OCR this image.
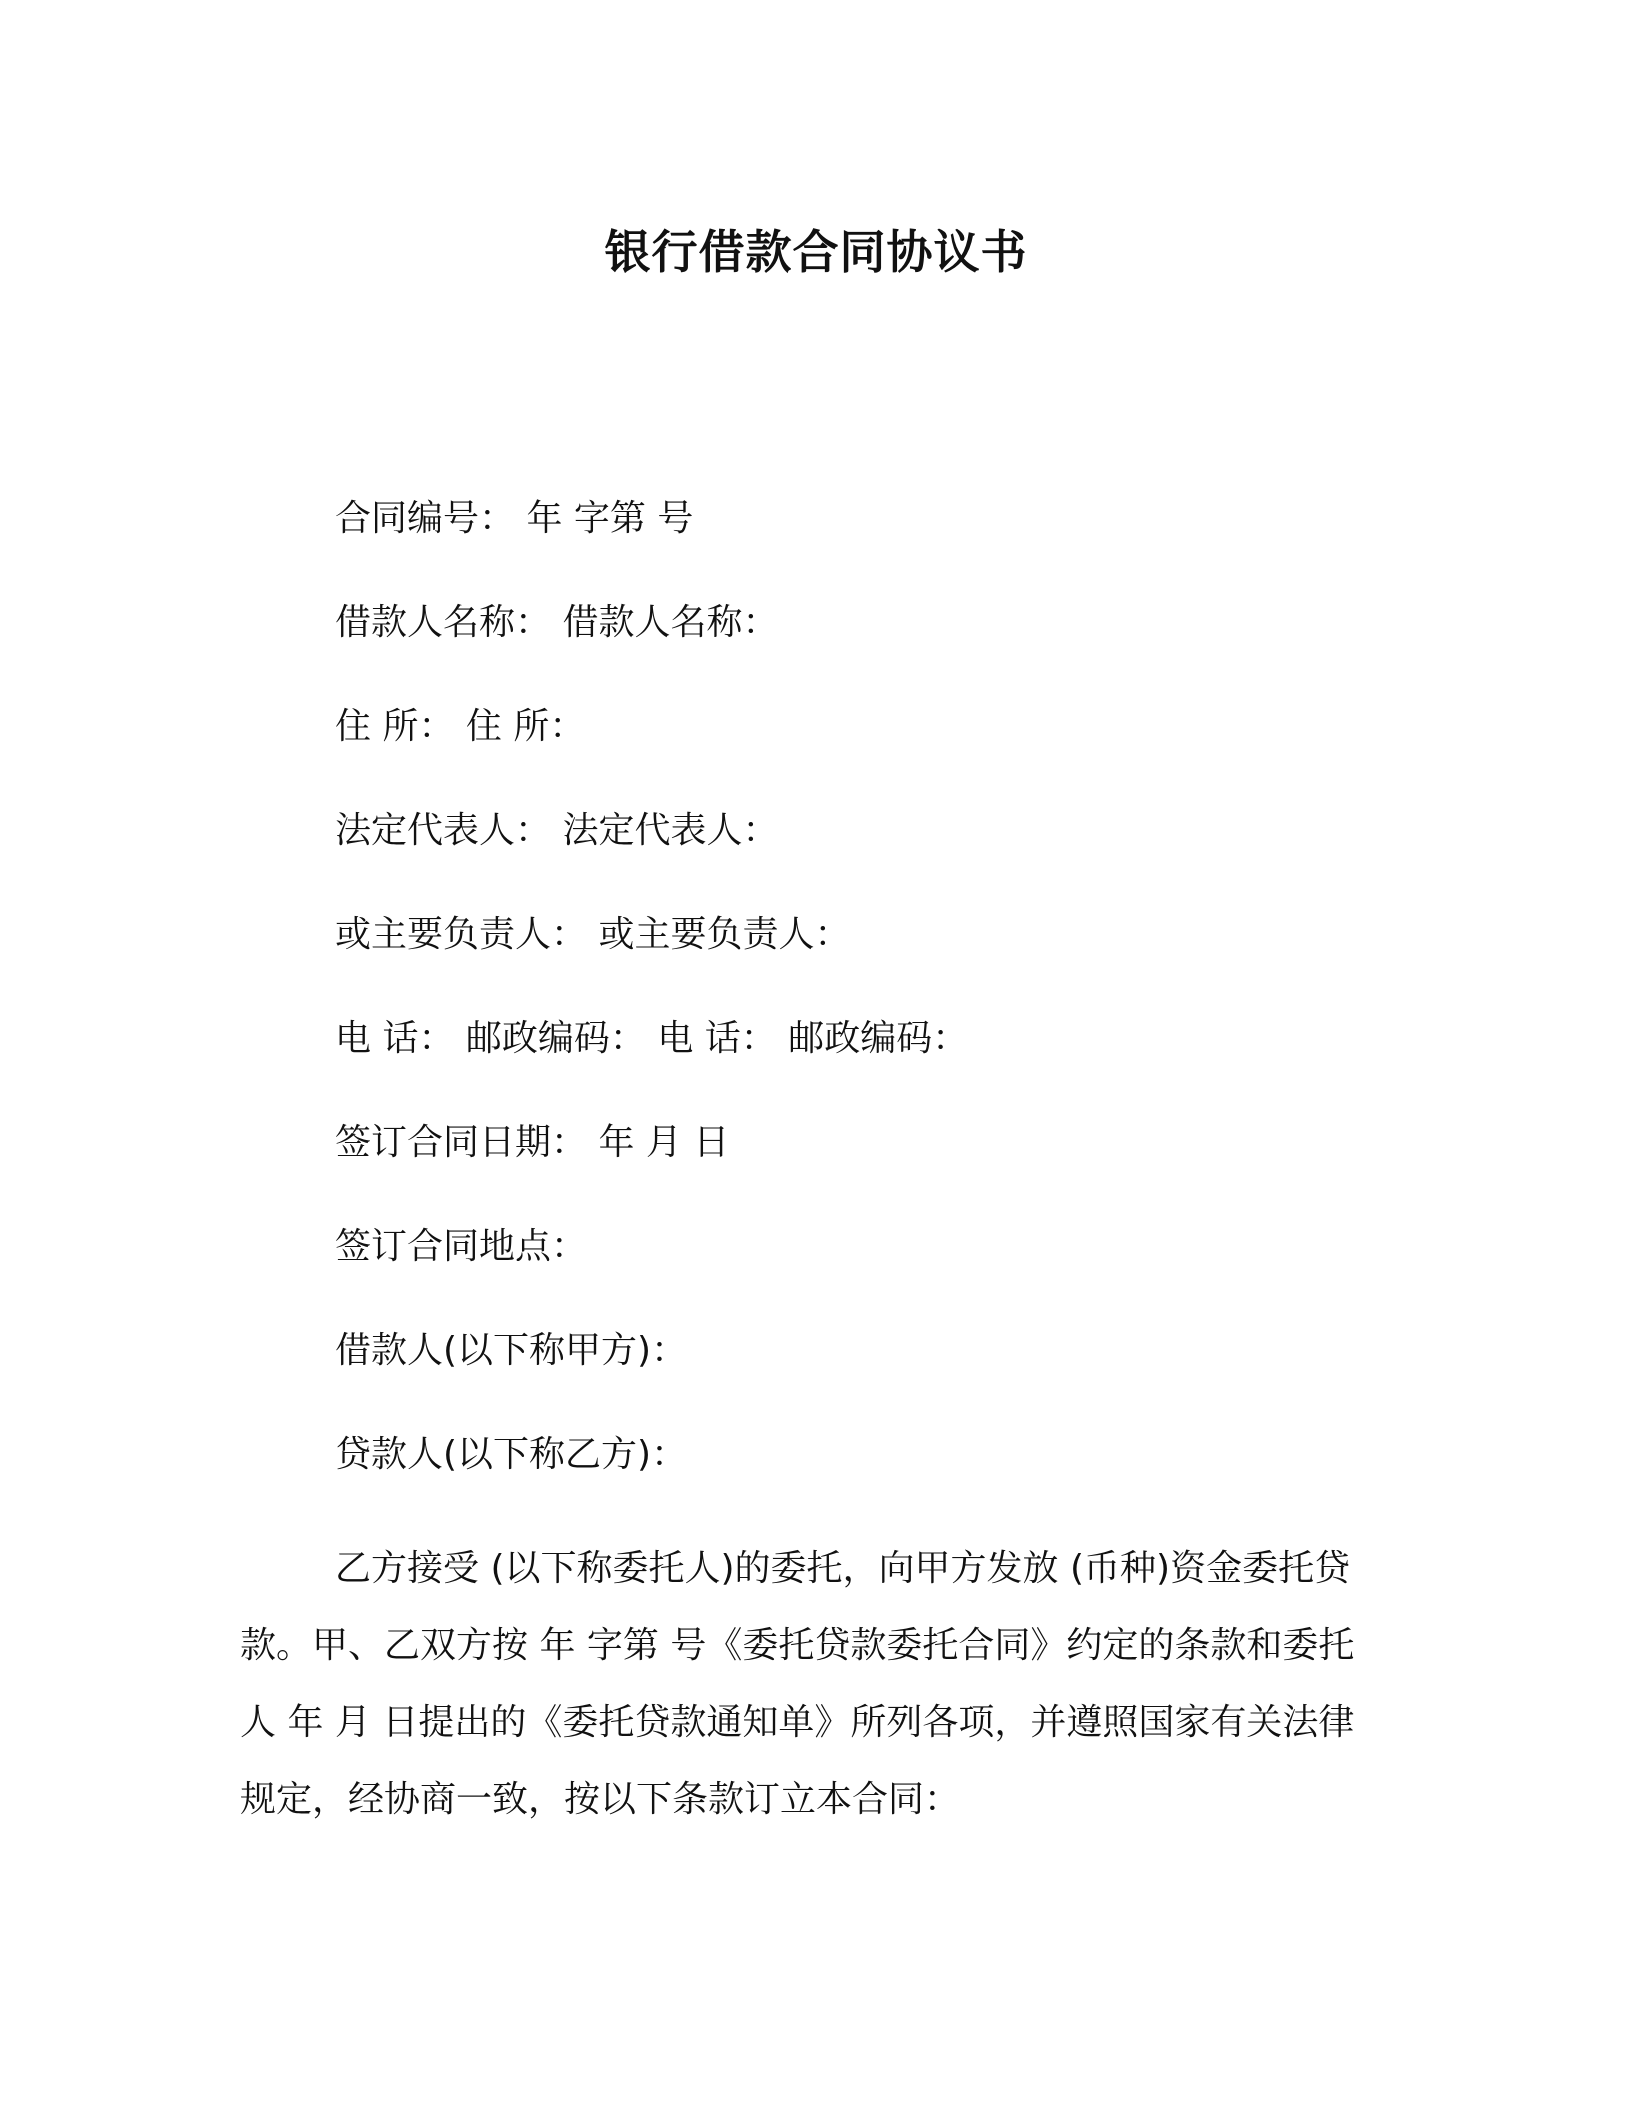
银行借款合同协议书
合同编号： 年 字第 号
借款人名称： 借款人名称：
住 所： 住 所：
法定代表人： 法定代表人：
或主要负责人： 或主要负责人：
电 话： 邮政编码： 电 话： 邮政编码：
签订合同日期： 年 月 日
签订合同地点：
借款人(以下称甲方)：
贷款人(以下称乙方)：
乙方接受 (以下称委托人)的委托，向甲方发放 (币种)资金委托贷
款。甲、乙双方按 年 字第 号《委托贷款委托合同》约定的条款和委托
人 年 月 日提出的《委托贷款通知单》所列各项，并遵照国家有关法律
规定，经协商一致，按以下条款订立本合同：
